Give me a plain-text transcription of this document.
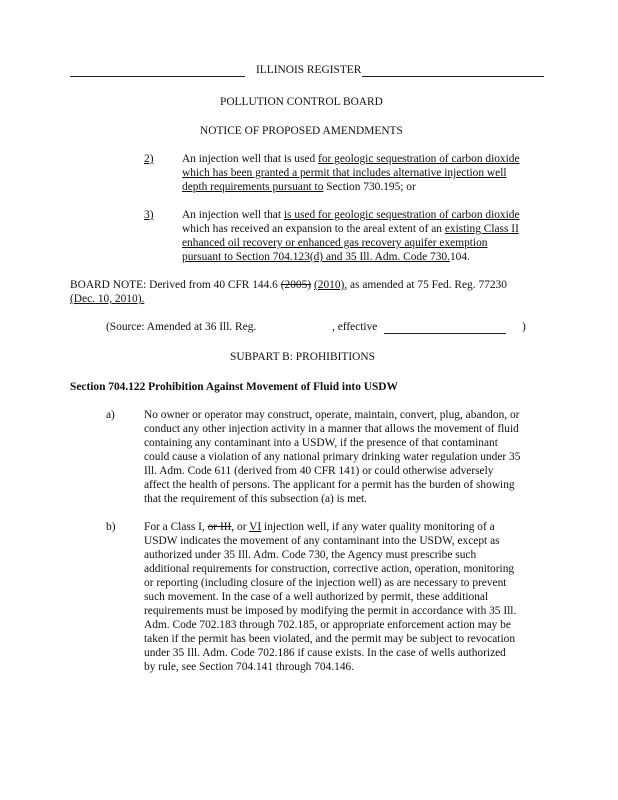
ILLINOIS REGISTER
POLLUTION CONTROL BOARD
NOTICE OF PROPOSED AMENDMENTS
2)	An injection well that is used for geologic sequestration of carbon dioxide
which has been granted a permit that includes alternative injection well
depth requirements pursuant to Section 730.195; or
3)	An injection well that is used for geologic sequestration of carbon dioxide
which has received an expansion to the areal extent of an existing Class II
enhanced oil recovery or enhanced gas recovery aquifer exemption
pursuant to Section 704.123(d) and 35 Ill. Adm. Code 730.104.
BOARD NOTE: Derived from 40 CFR 144.6 (2005) (2010), as amended at 75 Fed. Reg. 77230
(Dec. 10, 2010).
(Source: Amended at 36 Ill. Reg.	, effective	)
SUBPART B: PROHIBITIONS
Section 704.122 Prohibition Against Movement of Fluid into USDW
a)	No owner or operator may construct, operate, maintain, convert, plug, abandon, or
conduct any other injection activity in a manner that allows the movement of fluid
containing any contaminant into a USDW, if the presence of that contaminant
could cause a violation of any national primary drinking water regulation under 35
Ill. Adm. Code 611 (derived from 40 CFR 141) or could otherwise adversely
affect the health of persons. The applicant for a permit has the burden of showing
that the requirement of this subsection (a) is met.
b)	For a Class I, or III, or VI injection well, if any water quality monitoring of a
USDW indicates the movement of any contaminant into the USDW, except as
authorized under 35 Ill. Adm. Code 730, the Agency must prescribe such
additional requirements for construction, corrective action, operation, monitoring
or reporting (including closure of the injection well) as are necessary to prevent
such movement. In the case of a well authorized by permit, these additional
requirements must be imposed by modifying the permit in accordance with 35 Ill.
Adm. Code 702.183 through 702.185, or appropriate enforcement action may be
taken if the permit has been violated, and the permit may be subject to revocation
under 35 Ill. Adm. Code 702.186 if cause exists. In the case of wells authorized
by rule, see Section 704.141 through 704.146.
